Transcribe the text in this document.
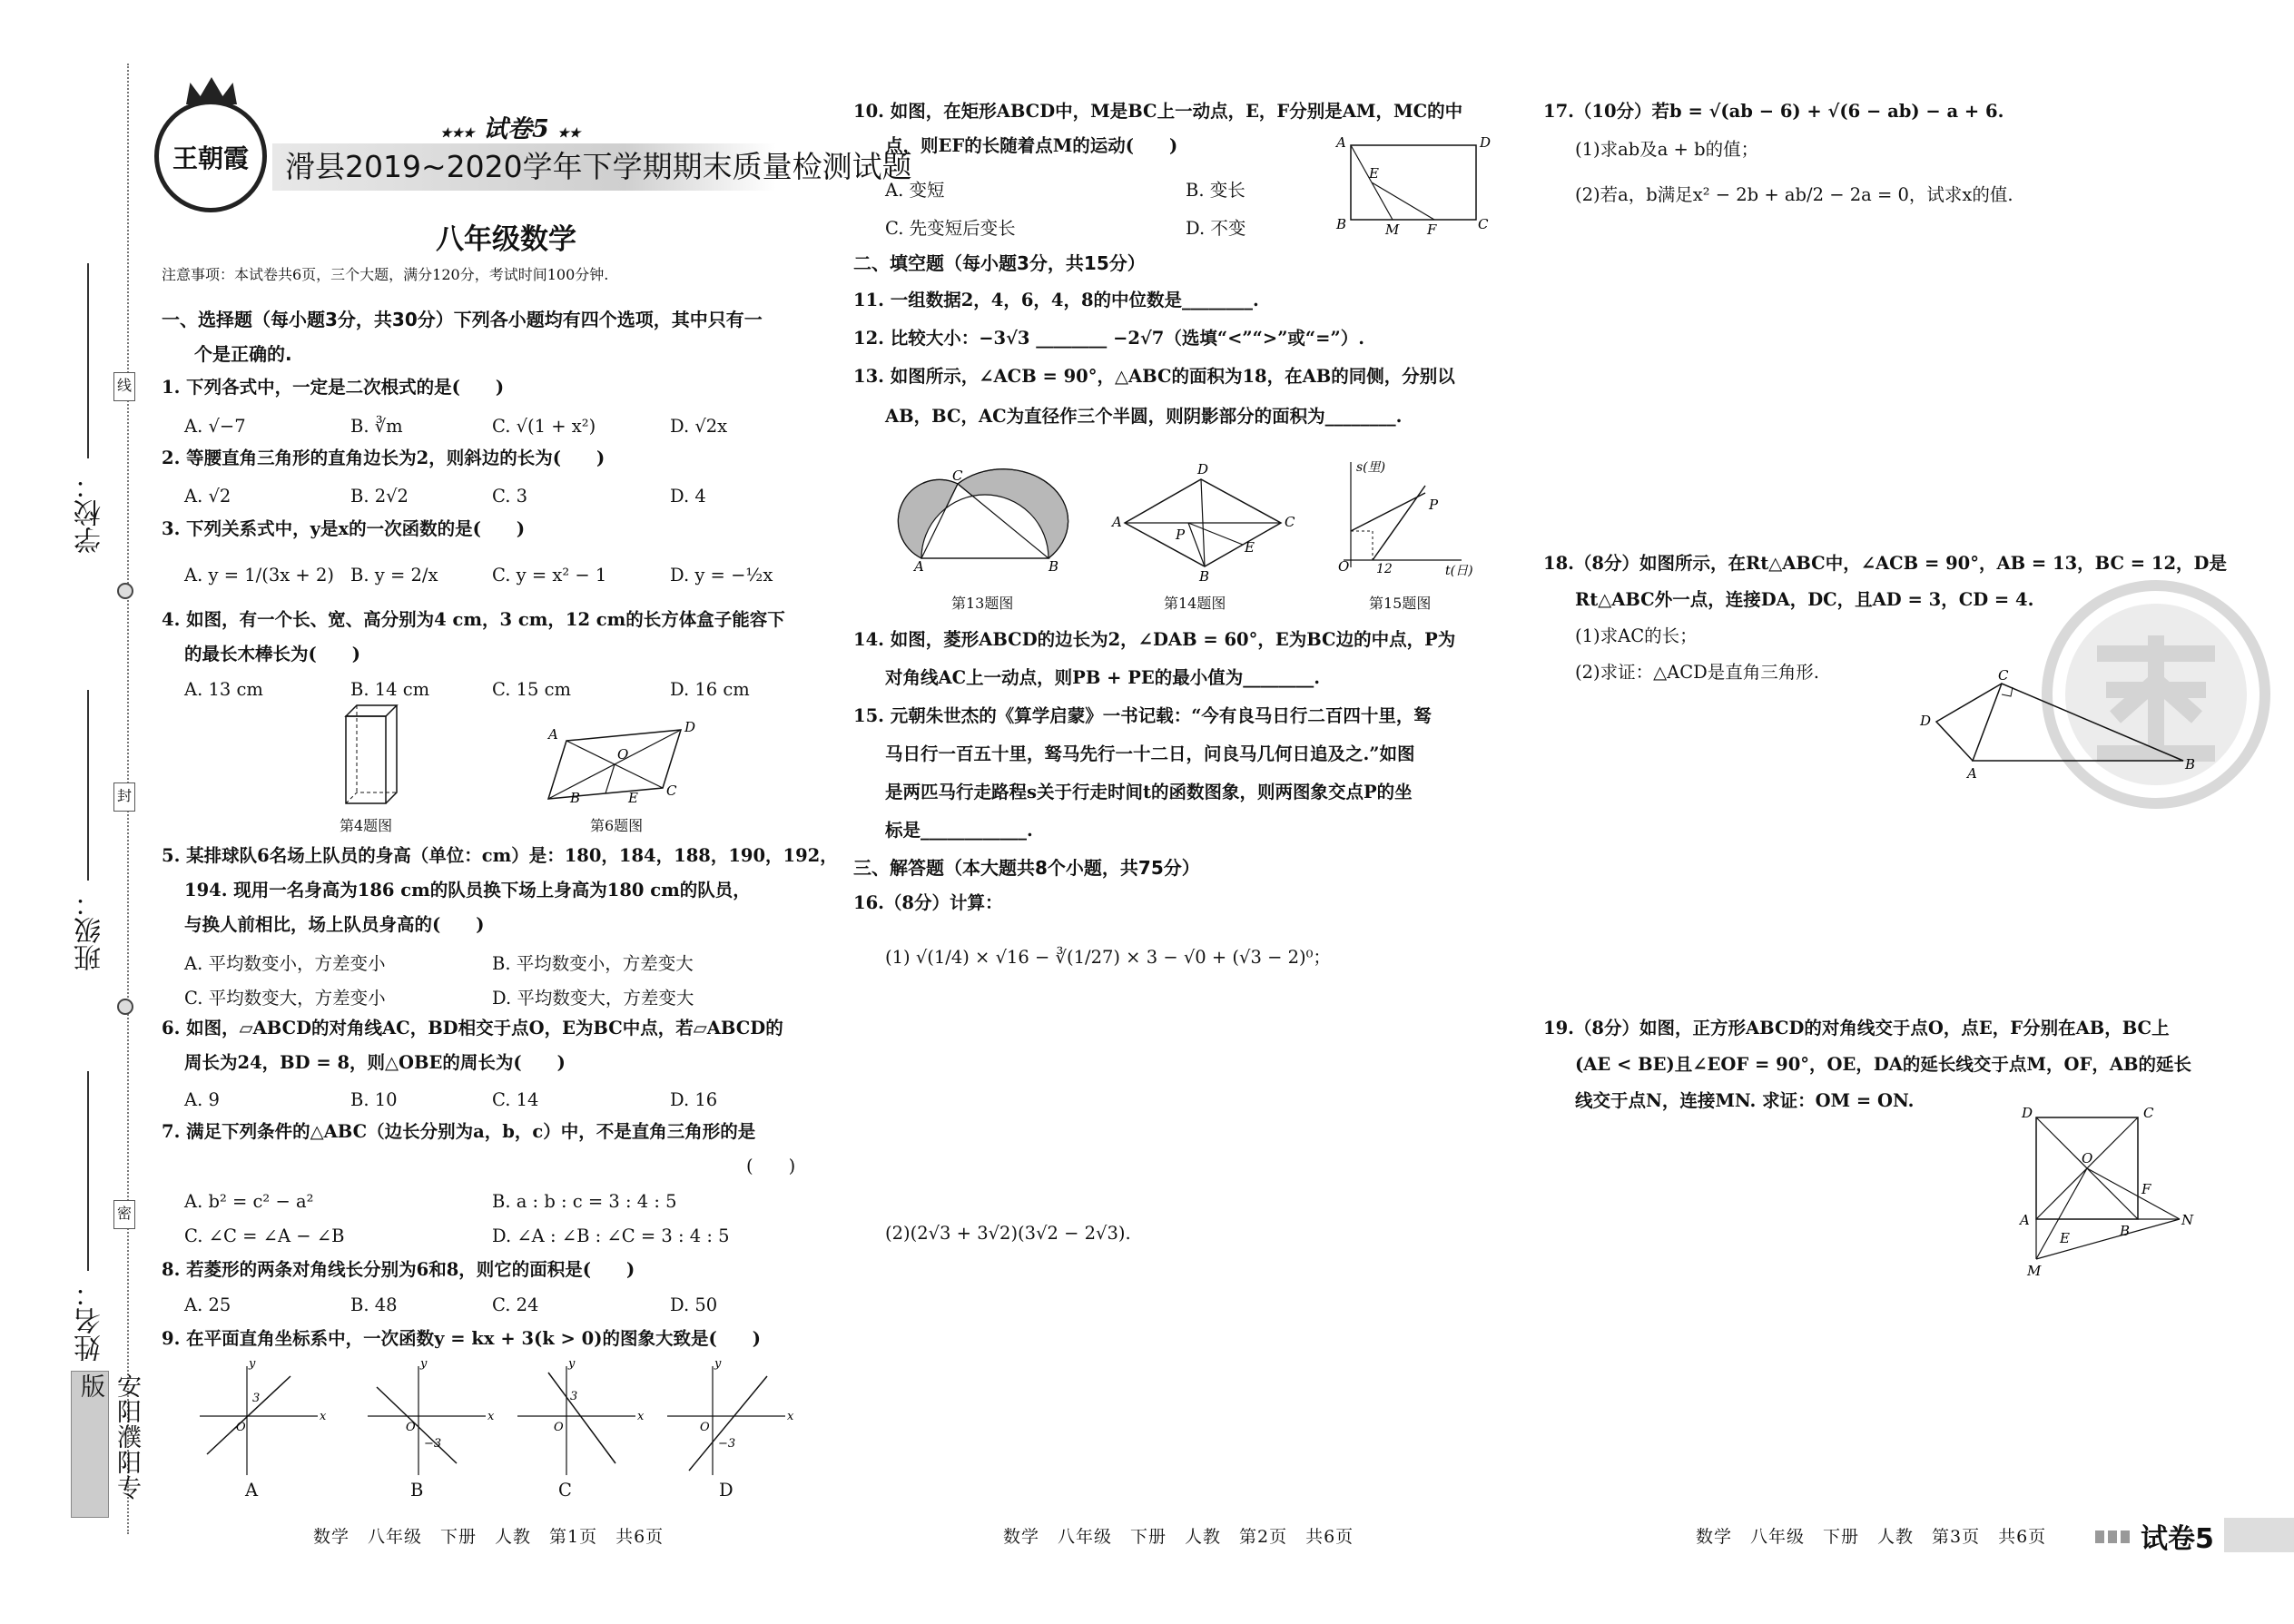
学校：
班级：
姓名：
线
封
密
安阳濮阳专版
王朝霞
★★★ 试卷5 ★★
滑县2019~2020学年下学期期末质量检测试题
八年级数学
注意事项：本试卷共6页，三个大题，满分120分，考试时间100分钟.
一、选择题（每小题3分，共30分）下列各小题均有四个选项，其中只有一
个是正确的.
1. 下列各式中，一定是二次根式的是(　　)
A. √−7	B. ∛m	C. √(1 + x²)	D. √2x
2. 等腰直角三角形的直角边长为2，则斜边的长为(　　)
A. √2	B. 2√2	C. 3	D. 4
3. 下列关系式中，y是x的一次函数的是(　　)
A. y = 1/(3x + 2) B. y = 2/x	C. y = x² − 1	D. y = −½x
4. 如图，有一个长、宽、高分别为4 cm，3 cm，12 cm的长方体盒子能容下
的最长木棒长为(　　)
A. 13 cm	B. 14 cm	C. 15 cm	D. 16 cm
第4题图
A	D
C
B
O
E
第6题图
5. 某排球队6名场上队员的身高（单位：cm）是：180，184，188，190，192，
194. 现用一名身高为186 cm的队员换下场上身高为180 cm的队员，
与换人前相比，场上队员身高的(　　)
A. 平均数变小，方差变小	B. 平均数变小，方差变大
C. 平均数变大，方差变小	D. 平均数变大，方差变大
6. 如图，▱ABCD的对角线AC，BD相交于点O，E为BC中点，若▱ABCD的
周长为24，BD = 8，则△OBE的周长为(　　)
A. 9	B. 10	C. 14	D. 16
7. 满足下列条件的△ABC（边长分别为a，b，c）中，不是直角三角形的是
(　　)
A. b² = c² − a²	B. a : b : c = 3 : 4 : 5
C. ∠C = ∠A − ∠B	D. ∠A : ∠B : ∠C = 3 : 4 : 5
8. 若菱形的两条对角线长分别为6和8，则它的面积是(　　)
A. 25	B. 48	C. 24	D. 50
9. 在平面直角坐标系中，一次函数y = kx + 3(k > 0)的图象大致是(　　)
x
y
O
3
A
x
y
O
−3
B
x
y
O
3
C
x
y
O
−3
D
数学　八年级　下册　人教　第1页　共6页
10. 如图，在矩形ABCD中，M是BC上一动点，E，F分别是AM，MC的中
点，则EF的长随着点M的运动(　　)
A. 变短	B. 变长
C. 先变短后变长	D. 不变
A	D
B	C
E
M F
二、填空题（每小题3分，共15分）
11. 一组数据2，4，6，4，8的中位数是________.
12. 比较大小：−3√3 ________ −2√7（选填“<”“>”或“=”）.
13. 如图所示，∠ACB = 90°，△ABC的面积为18，在AB的同侧，分别以
AB，BC，AC为直径作三个半圆，则阴影部分的面积为________.
C
A	B
第13题图
D
A	C
B
P
E
第14题图
P
O 12
s(里)
t(日)
第15题图
14. 如图，菱形ABCD的边长为2，∠DAB = 60°，E为BC边的中点，P为
对角线AC上一动点，则PB + PE的最小值为________.
15. 元朝朱世杰的《算学启蒙》一书记载：“今有良马日行二百四十里，驽
马日行一百五十里，驽马先行一十二日，问良马几何日追及之.”如图
是两匹马行走路程s关于行走时间t的函数图象，则两图象交点P的坐
标是____________.
三、解答题（本大题共8个小题，共75分）
16.（8分）计算：
(1) √(1/4) × √16 − ∛(1/27) × 3 − √0 + (√3 − 2)⁰；
(2)(2√3 + 3√2)(3√2 − 2√3).
数学　八年级　下册　人教　第2页　共6页
17.（10分）若b = √(ab − 6) + √(6 − ab) − a + 6.
(1)求ab及a + b的值；
(2)若a，b满足x² − 2b + ab/2 − 2a = 0，试求x的值.
18.（8分）如图所示，在Rt△ABC中，∠ACB = 90°，AB = 13，BC = 12，D是
Rt△ABC外一点，连接DA，DC，且AD = 3，CD = 4.
(1)求AC的长；
(2)求证：△ACD是直角三角形.	C
D
A
B
19.（8分）如图，正方形ABCD的对角线交于点O，点E，F分别在AB，BC上
(AE < BE)且∠EOF = 90°，OE，DA的延长线交于点M，OF，AB的延长
线交于点N，连接MN. 求证：OM = ON.
D	C
A
B
O
E
F
N
M
数学　八年级　下册　人教　第3页　共6页	试卷5
